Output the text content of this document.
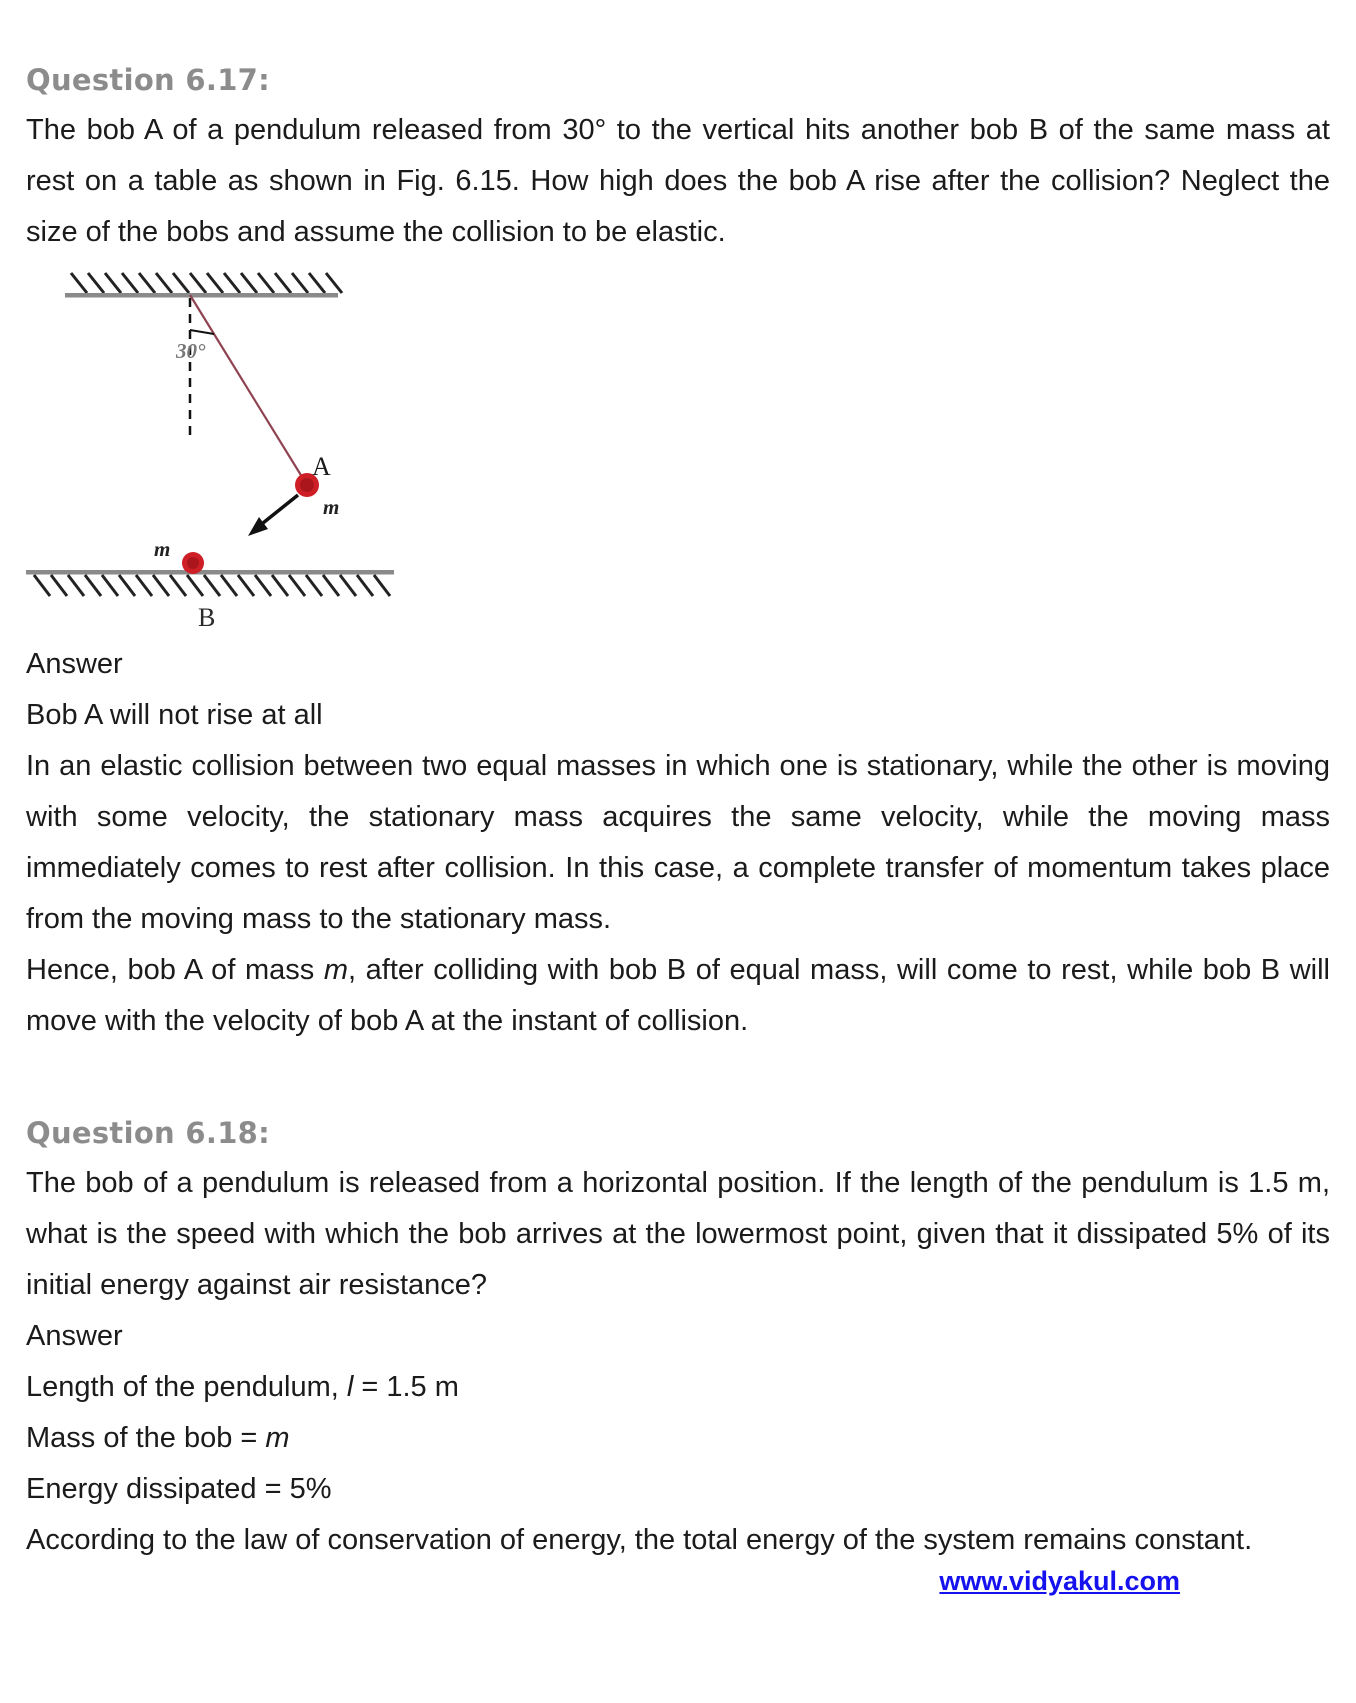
Question 6.17:

The bob A of a pendulum released from 30° to the vertical hits another bob B of the same mass at rest on a table as shown in Fig. 6.15. How high does the bob A rise after the collision? Neglect the size of the bobs and assume the collision to be elastic.

30°
A
m
m
B

Answer

Bob A will not rise at all

In an elastic collision between two equal masses in which one is stationary, while the other is moving with some velocity, the stationary mass acquires the same velocity, while the moving mass immediately comes to rest after collision. In this case, a complete transfer of momentum takes place from the moving mass to the stationary mass.

Hence, bob A of mass m, after colliding with bob B of equal mass, will come to rest, while bob B will move with the velocity of bob A at the instant of collision.

Question 6.18:

The bob of a pendulum is released from a horizontal position. If the length of the pendulum is 1.5 m, what is the speed with which the bob arrives at the lowermost point, given that it dissipated 5% of its initial energy against air resistance?

Answer

Length of the pendulum, l = 1.5 m

Mass of the bob = m

Energy dissipated = 5%

According to the law of conservation of energy, the total energy of the system remains constant.

www.vidyakul.com
